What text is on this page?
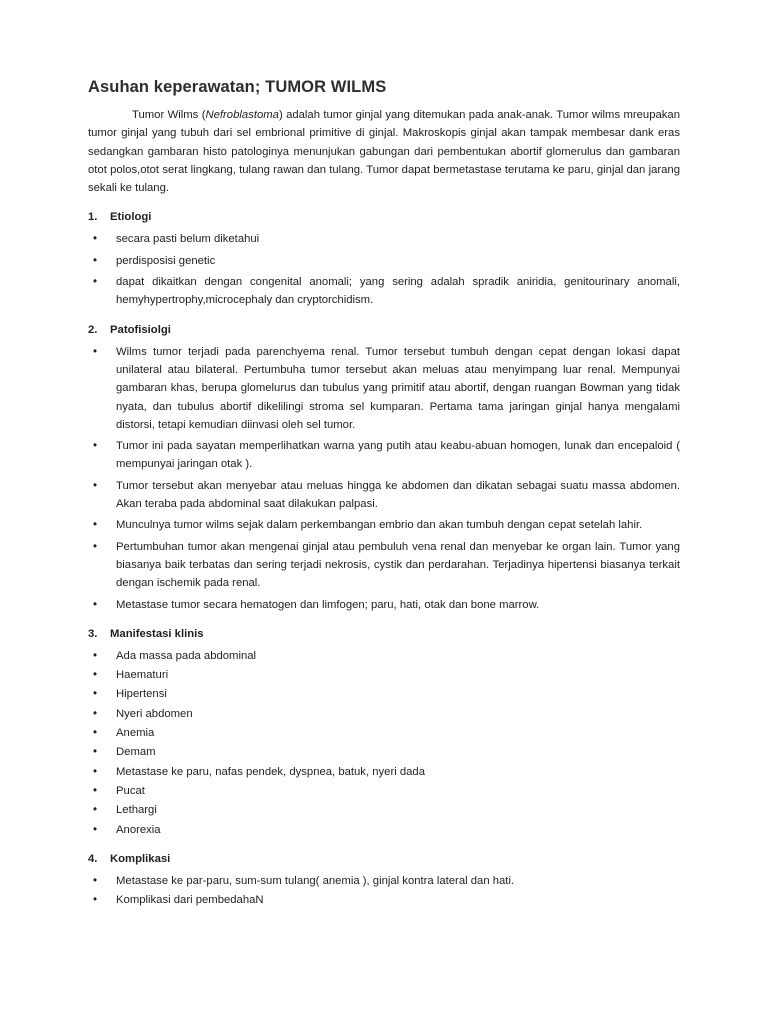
Asuhan keperawatan; TUMOR WILMS

Tumor Wilms (Nefroblastoma) adalah tumor ginjal yang ditemukan pada anak-anak. Tumor wilms mreupakan tumor ginjal yang tubuh dari sel embrional primitive di ginjal. Makroskopis ginjal akan tampak membesar dank eras sedangkan gambaran histo patologinya menunjukan gabungan dari pembentukan abortif glomerulus dan gambaran otot polos,otot serat lingkang, tulang rawan dan tulang. Tumor dapat bermetastase terutama ke paru, ginjal dan jarang sekali ke tulang.

1.	Etiologi
• secara pasti belum diketahui
• perdisposisi genetic
• dapat dikaitkan dengan congenital anomali; yang sering adalah spradik aniridia, genitourinary anomali, hemyhypertrophy,microcephaly dan cryptorchidism.
2.	Patofisiolgi
• Wilms tumor terjadi pada parenchyema renal. Tumor tersebut tumbuh dengan cepat dengan lokasi dapat unilateral atau bilateral. Pertumbuha tumor tersebut akan meluas atau menyimpang luar renal. Mempunyai gambaran khas, berupa glomelurus dan tubulus yang primitif atau abortif, dengan ruangan Bowman yang tidak nyata, dan tubulus abortif dikelilingi stroma sel kumparan. Pertama tama jaringan ginjal hanya mengalami distorsi, tetapi kemudian diinvasi oleh sel tumor.
• Tumor ini pada sayatan memperlihatkan warna yang putih atau keabu-abuan homogen, lunak dan encepaloid ( mempunyai jaringan otak ).
• Tumor tersebut akan menyebar atau meluas hingga ke abdomen dan dikatan sebagai suatu massa abdomen. Akan teraba pada abdominal saat dilakukan palpasi.
• Munculnya tumor wilms sejak dalam perkembangan embrio dan akan tumbuh dengan cepat setelah lahir.
• Pertumbuhan tumor akan mengenai ginjal atau pembuluh vena renal dan menyebar ke organ lain. Tumor yang biasanya baik terbatas dan sering terjadi nekrosis, cystik dan perdarahan. Terjadinya hipertensi biasanya terkait dengan ischemik pada renal.
• Metastase tumor secara hematogen dan limfogen; paru, hati, otak dan bone marrow.
3.	Manifestasi klinis
• Ada massa pada abdominal
• Haematuri
• Hipertensi
• Nyeri abdomen
• Anemia
• Demam
• Metastase ke paru, nafas pendek, dyspnea, batuk, nyeri dada
• Pucat
• Lethargi
• Anorexia
4.	Komplikasi
• Metastase ke par-paru, sum-sum tulang( anemia ), ginjal kontra lateral dan hati.
• Komplikasi dari pembedahaN
